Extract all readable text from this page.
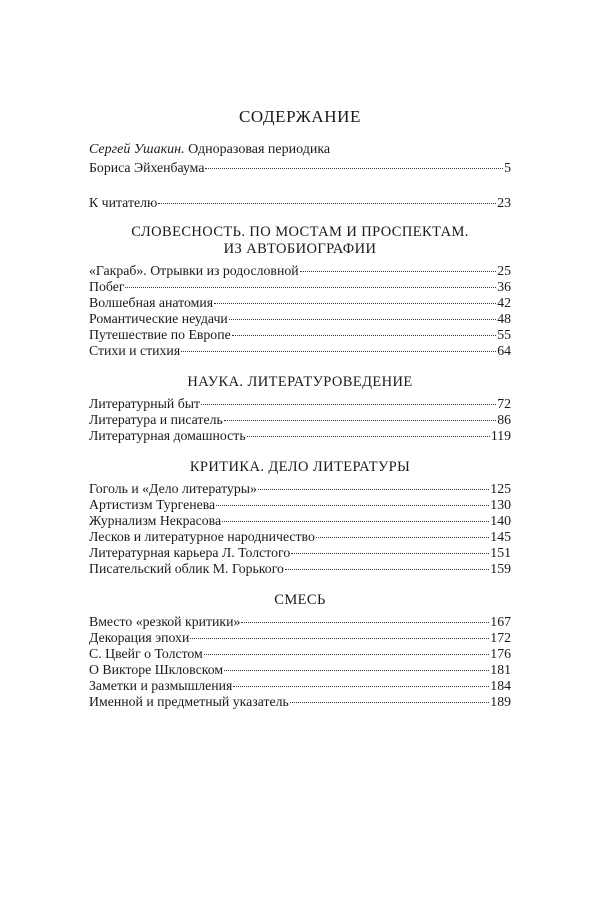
СОДЕРЖАНИЕ
Сергей Ушакин. Одноразовая периодика
Бориса Эйхенбаума	5
К читателю	23
СЛОВЕСНОСТЬ. ПО МОСТАМ И ПРОСПЕКТАМ.
ИЗ АВТОБИОГРАФИИ
«Гакраб». Отрывки из родословной	25
Побег	36
Волшебная анатомия	42
Романтические неудачи	48
Путешествие по Европе	55
Стихи и стихия	64
НАУКА. ЛИТЕРАТУРОВЕДЕНИЕ
Литературный быт	72
Литература и писатель	86
Литературная домашность	119
КРИТИКА. ДЕЛО ЛИТЕРАТУРЫ
Гоголь и «Дело литературы»	125
Артистизм Тургенева	130
Журнализм Некрасова	140
Лесков и литературное народничество	145
Литературная карьера Л. Толстого	151
Писательский облик М. Горького	159
СМЕСЬ
Вместо «резкой критики»	167
Декорация эпохи	172
С. Цвейг о Толстом	176
О Викторе Шкловском	181
Заметки и размышления	184
Именной и предметный указатель	189
